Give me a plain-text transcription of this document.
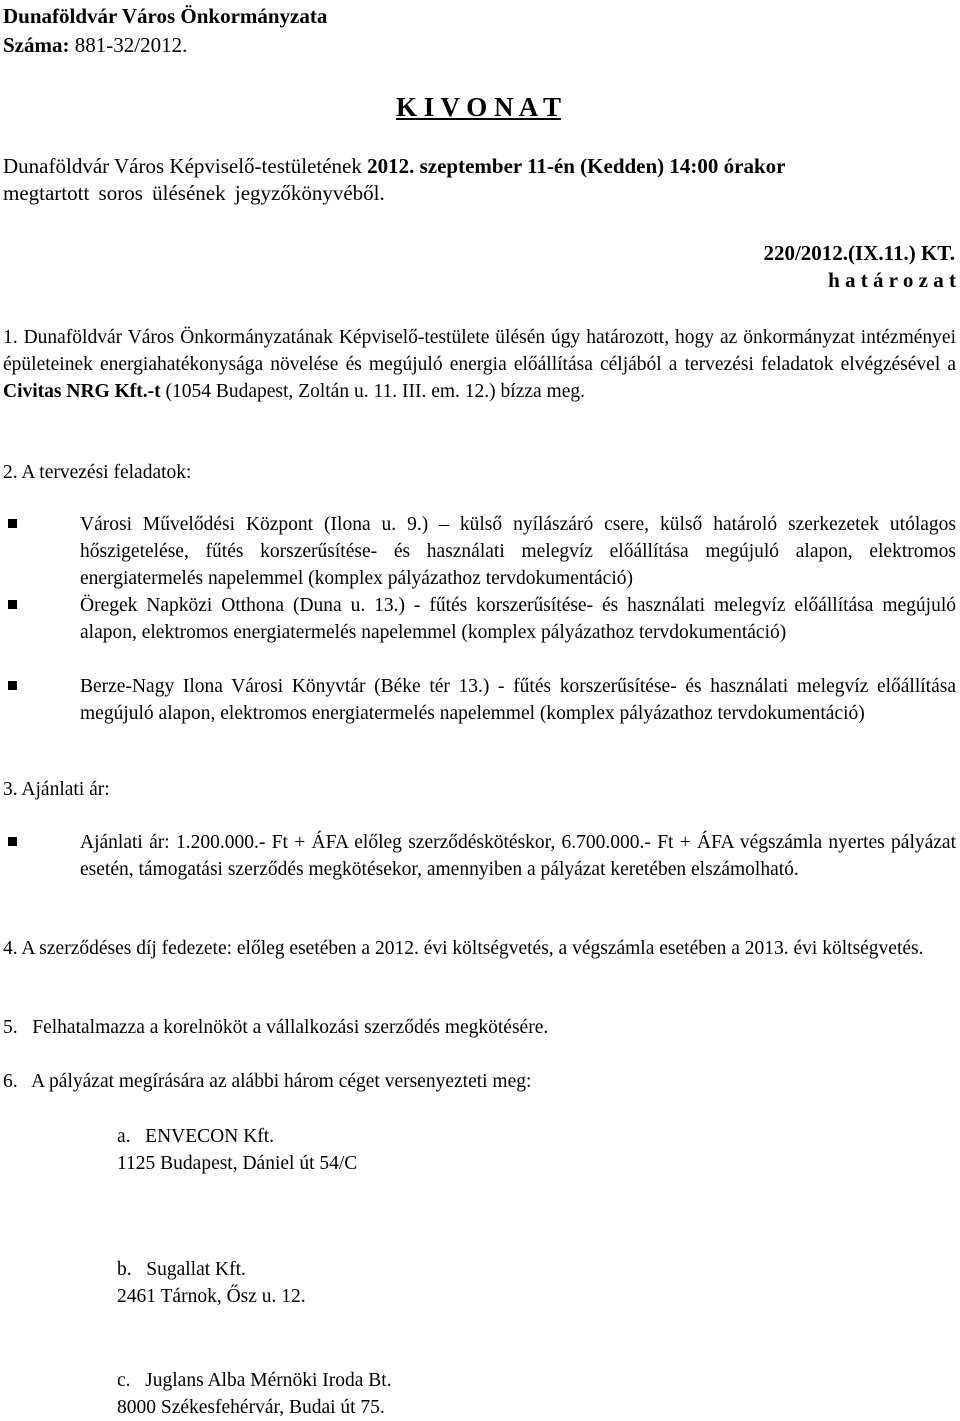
Dunaföldvár Város Önkormányzata
Száma: 881-32/2012.
K I V O N A T
Dunaföldvár Város Képviselő-testületének 2012. szeptember 11-én (Kedden) 14:00 órakor
megtartott soros ülésének jegyzőkönyvéből.
220/2012.(IX.11.) KT.
h a t á r o z a t
1. Dunaföldvár Város Önkormányzatának Képviselő-testülete ülésén úgy határozott, hogy az önkormányzat intézményei épületeinek energiahatékonysága növelése és megújuló energia előállítása céljából a tervezési feladatok elvégzésével a Civitas NRG Kft.-t (1054 Budapest, Zoltán u. 11. III. em. 12.) bízza meg.
2. A tervezési feladatok:
Városi Művelődési Központ (Ilona u. 9.) – külső nyílászáró csere, külső határoló szerkezetek utólagos hőszigetelése, fűtés korszerűsítése- és használati melegvíz előállítása megújuló alapon, elektromos energiatermelés napelemmel (komplex pályázathoz tervdokumentáció)
Öregek Napközi Otthona (Duna u. 13.) - fűtés korszerűsítése- és használati melegvíz előállítása megújuló alapon, elektromos energiatermelés napelemmel (komplex pályázathoz tervdokumentáció)
Berze-Nagy Ilona Városi Könyvtár (Béke tér 13.) - fűtés korszerűsítése- és használati melegvíz előállítása megújuló alapon, elektromos energiatermelés napelemmel (komplex pályázathoz tervdokumentáció)
3. Ajánlati ár:
Ajánlati ár: 1.200.000.- Ft + ÁFA előleg szerződéskötéskor, 6.700.000.- Ft + ÁFA végszámla nyertes pályázat esetén, támogatási szerződés megkötésekor, amennyiben a pályázat keretében elszámolható.
4. A szerződéses díj fedezete: előleg esetében a 2012. évi költségvetés, a végszámla esetében a 2013. évi költségvetés.
5.   Felhatalmazza a korelnököt a vállalkozási szerződés megkötésére.
6.   A pályázat megírására az alábbi három céget versenyezteti meg:
a.   ENVECON Kft.
1125 Budapest, Dániel út 54/C
b.   Sugallat Kft.
2461 Tárnok, Ősz u. 12.
c.   Juglans Alba Mérnöki Iroda Bt.
8000 Székesfehérvár, Budai út 75.
